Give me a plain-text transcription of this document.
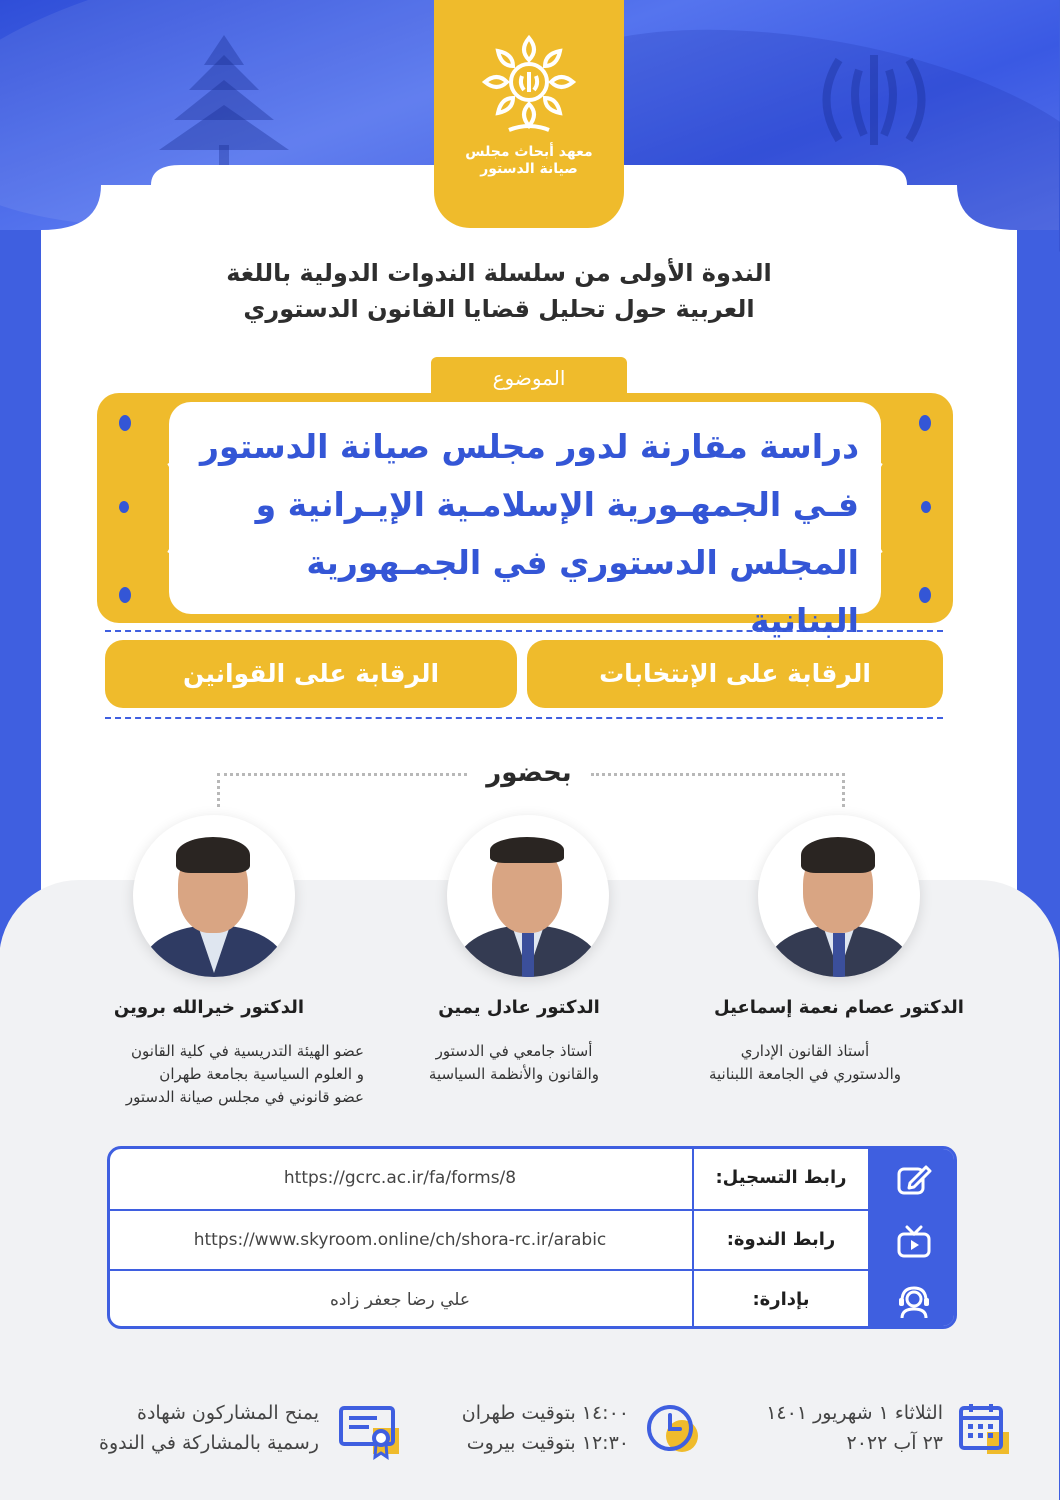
معهد أبحاث مجلس
صيانة الدستور
الندوة الأولى من سلسلة الندوات الدولية باللغة
العربية حول تحليل قضايا القانون الدستوري
الموضوع
دراسة مقارنة لدور مجلس صيانة الدستور
فـي الجمهـورية الإسلامـية الإيـرانية و
المجلس الدستوري في الجمـهورية البنانية
الرقابة على الإنتخابات
الرقابة على القوانين
بحضور
الدكتور عصام نعمة إسماعيل
الدكتور عادل يمين
الدكتور خيرالله بروين
أستاذ القانون الإداري
والدستوري في الجامعة اللبنانية
أستاذ جامعي في الدستور
والقانون والأنظمة السياسية
عضو الهيئة التدريسية في كلية القانون
و العلوم السياسية بجامعة طهران
عضو قانوني في مجلس صيانة الدستور
رابط التسجيل:
https://gcrc.ac.ir/fa/forms/8
رابط الندوة:
https://www.skyroom.online/ch/shora-rc.ir/arabic
بإدارة:
علي رضا جعفر زاده
الثلاثاء ١ شهريور ١٤٠١
٢٣ آب ٢٠٢٢
١٤:٠٠ بتوقيت طهران
١٢:٣٠ بتوقيت بيروت
يمنح المشاركون شهادة
رسمية بالمشاركة في الندوة
